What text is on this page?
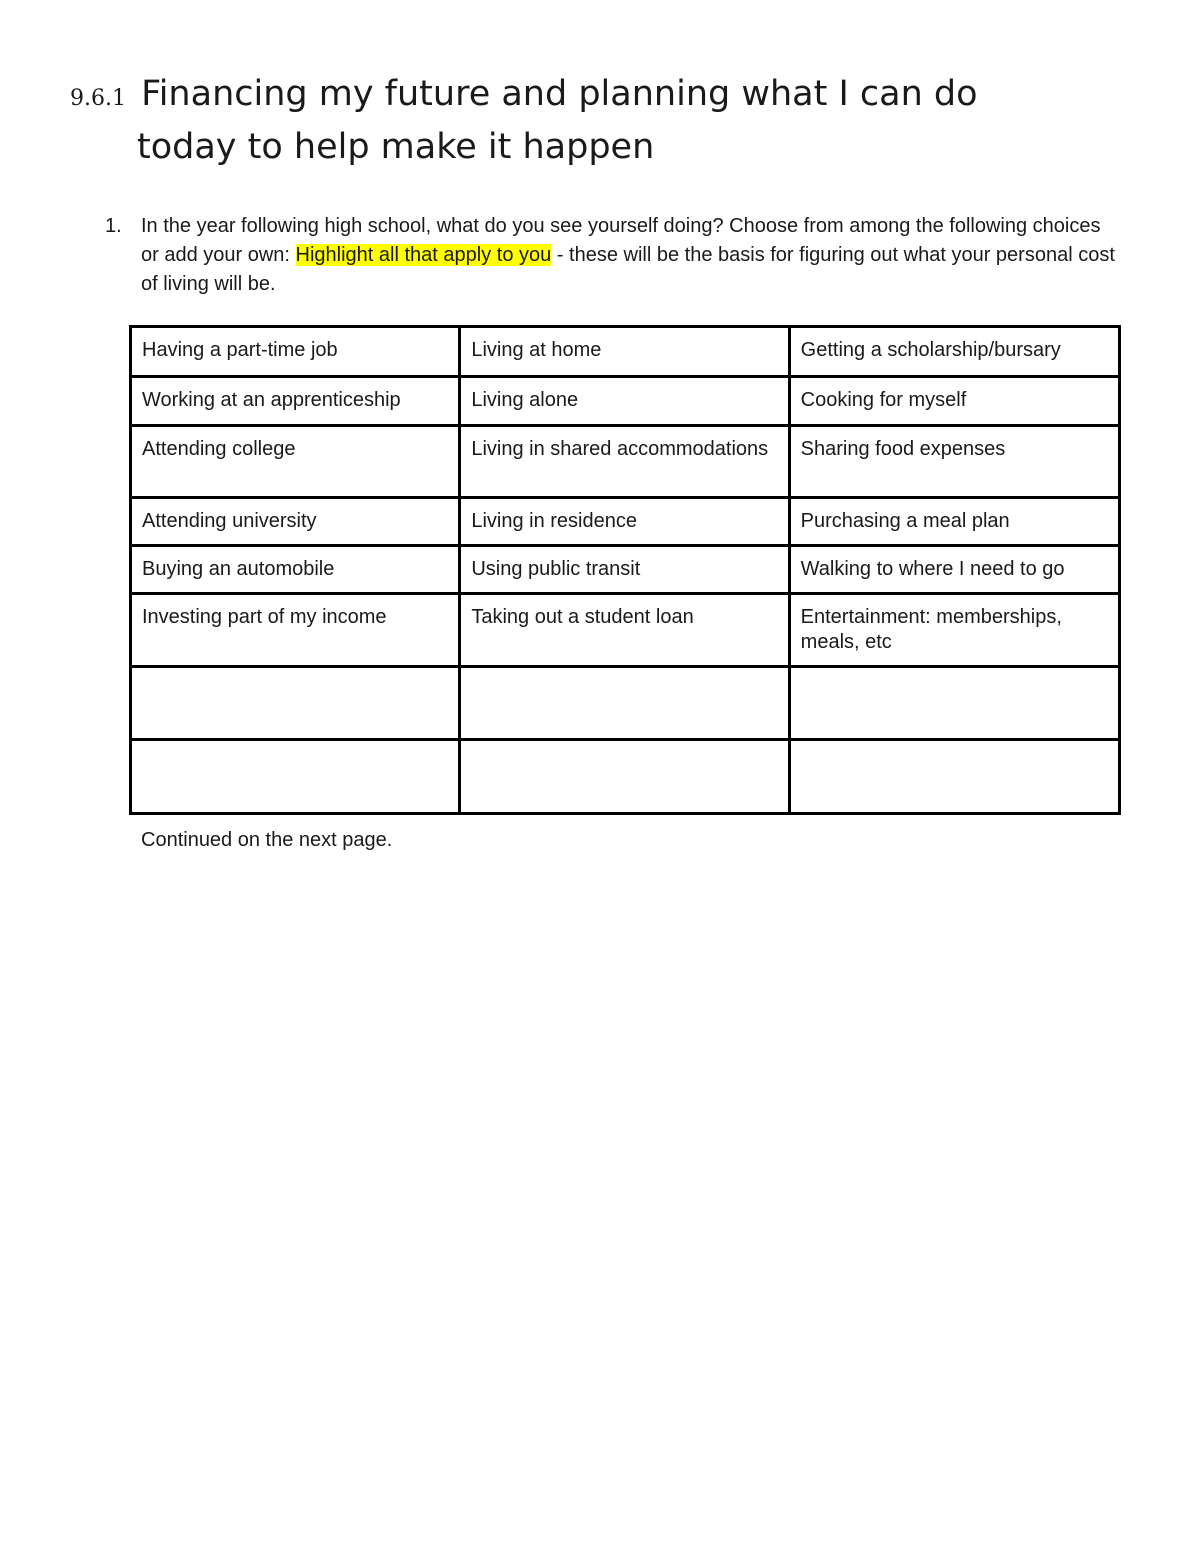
9.6.1 Financing my future and planning what I can do
today to help make it happen
1. In the year following high school, what do you see yourself doing? Choose from among the following choices or add your own: Highlight all that apply to you - these will be the basis for figuring out what your personal cost of living will be.
Having a part-time job	Living at home	Getting a scholarship/bursary
Working at an apprenticeship	Living alone	Cooking for myself
Attending college	Living in shared accommodations	Sharing food expenses
Attending university	Living in residence	Purchasing a meal plan
Buying an automobile	Using public transit	Walking to where I need to go
Investing part of my income	Taking out a student loan	Entertainment: memberships, meals, etc

Continued on the next page.
